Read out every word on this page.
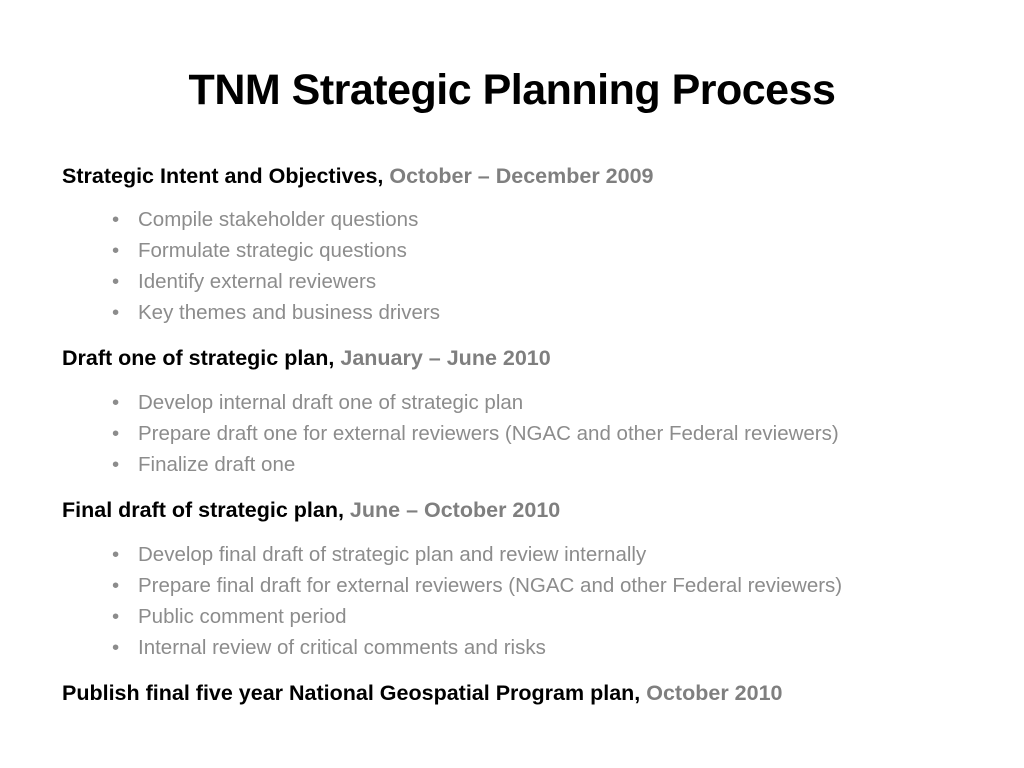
TNM Strategic Planning Process
Strategic Intent and Objectives, October – December 2009
• Compile stakeholder questions
• Formulate strategic questions
• Identify external reviewers
• Key themes and business drivers
Draft one of strategic plan, January – June 2010
• Develop internal draft one of strategic plan
• Prepare draft one for external reviewers (NGAC and other Federal reviewers)
• Finalize draft one
Final draft of strategic plan, June – October 2010
• Develop final draft of strategic plan and review internally
• Prepare final draft for external reviewers (NGAC and other Federal reviewers)
• Public comment period
• Internal review of critical comments and risks
Publish final five year National Geospatial Program plan, October 2010
